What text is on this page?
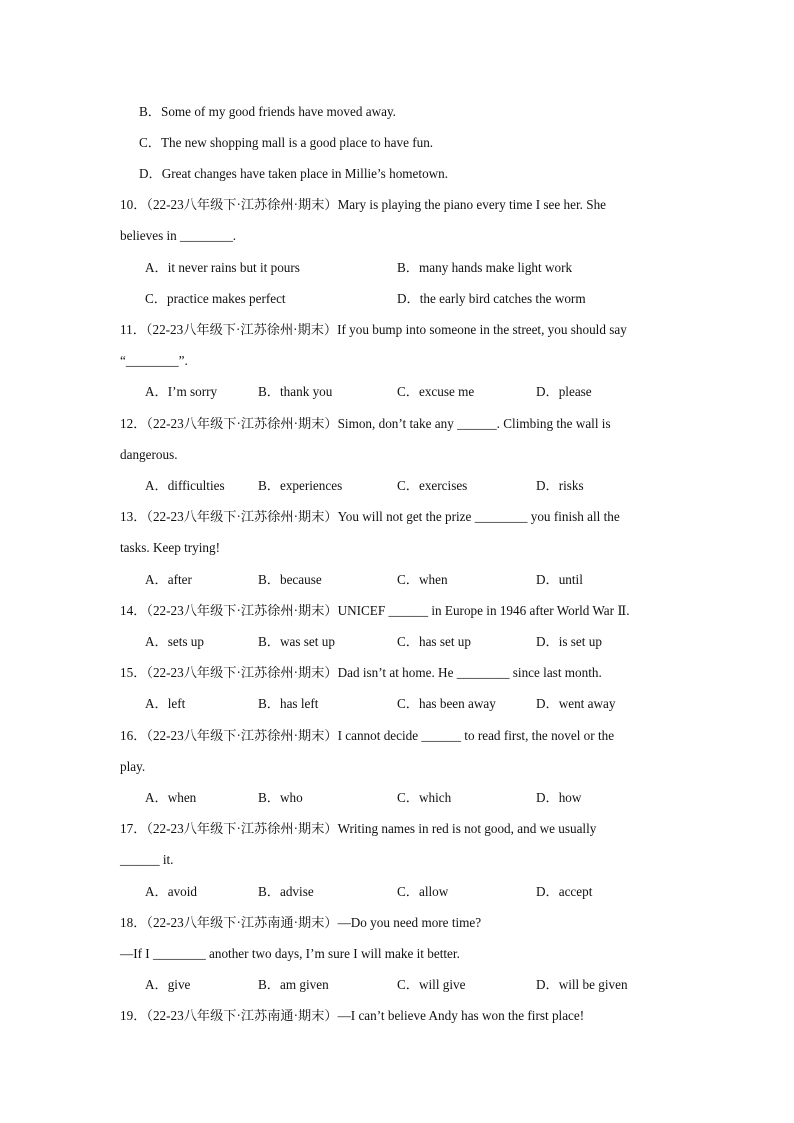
B．Some of my good friends have moved away.
C．The new shopping mall is a good place to have fun.
D．Great changes have taken place in Millie’s hometown.
10．（22-23八年级下·江苏徐州·期末）Mary is playing the piano every time I see her. She
believes in ________.
A．it never rains but it pours	B．many hands make light work
C．practice makes perfect	D．the early bird catches the worm
11．（22-23八年级下·江苏徐州·期末）If you bump into someone in the street, you should say
“________”.
A．I’m sorry	B．thank you	C．excuse me	D．please
12．（22-23八年级下·江苏徐州·期末）Simon, don’t take any ______. Climbing the wall is
dangerous.
A．difficulties	B．experiences	C．exercises	D．risks
13．（22-23八年级下·江苏徐州·期末）You will not get the prize ________ you finish all the
tasks. Keep trying!
A．after	B．because	C．when	D．until
14．（22-23八年级下·江苏徐州·期末）UNICEF ______ in Europe in 1946 after World War Ⅱ.
A．sets up	B．was set up	C．has set up	D．is set up
15．（22-23八年级下·江苏徐州·期末）Dad isn’t at home. He ________ since last month.
A．left	B．has left	C．has been away	D．went away
16．（22-23八年级下·江苏徐州·期末）I cannot decide ______ to read first, the novel or the
play.
A．when	B．who	C．which	D．how
17．（22-23八年级下·江苏徐州·期末）Writing names in red is not good, and we usually
______ it.
A．avoid	B．advise	C．allow	D．accept
18．（22-23八年级下·江苏南通·期末）—Do you need more time?
—If I ________ another two days, I’m sure I will make it better.
A．give	B．am given	C．will give	D．will be given
19．（22-23八年级下·江苏南通·期末）—I can’t believe Andy has won the first place!
